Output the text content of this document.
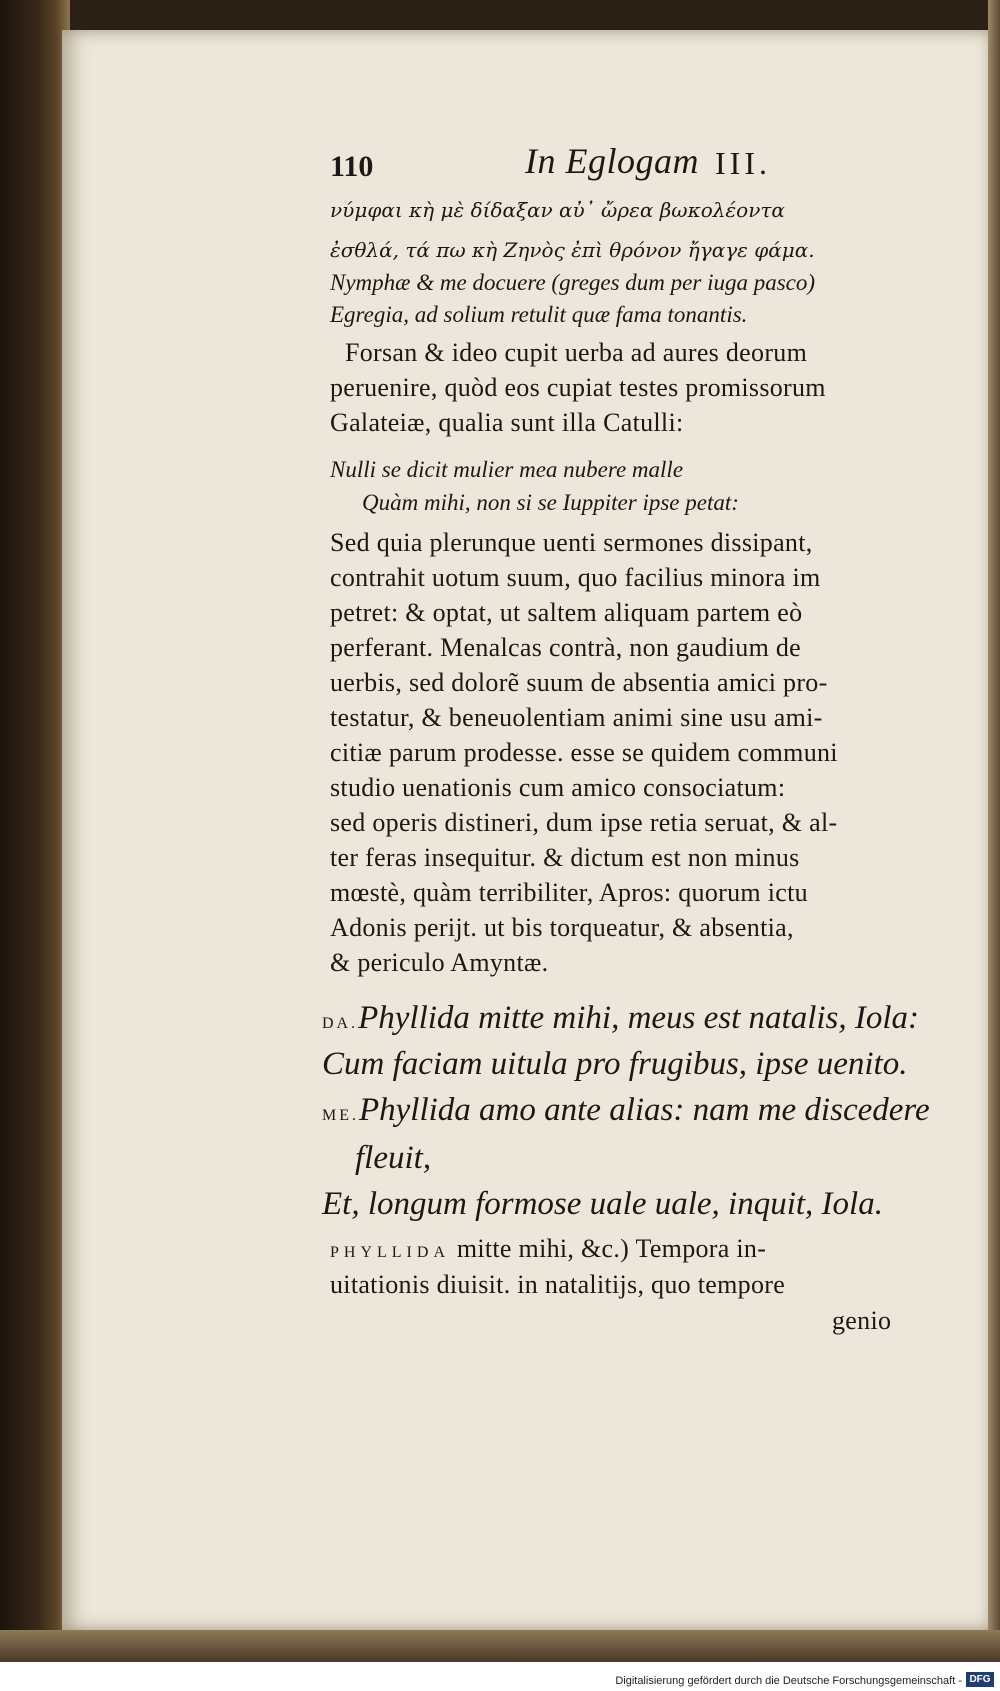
110	In Eglogam III.
νύμφαι κὴ μὲ δίδαξαν αὐ᾽ ὤρεα βωκολέοντα
ἐσθλά, τά πω κὴ Ζηνὸς ἐπὶ θρόνον ἤγαγε φάμα.
Nymphæ & me docuere (greges dum per iuga pasco)
Egregia, ad solium retulit quæ fama tonantis.
Forsan & ideo cupit uerba ad aures deorum
peruenire, quòd eos cupiat testes promissorum
Galateiæ, qualia sunt illa Catulli:
Nulli se dicit mulier mea nubere malle
Quàm mihi, non si se Iuppiter ipse petat:
Sed quia plerunque uenti sermones dissipant,
contrahit uotum suum, quo facilius minora im
petret: & optat, ut saltem aliquam partem eò
perferant. Menalcas contrà, non gaudium de
uerbis, sed dolorẽ suum de absentia amici pro-
testatur, & beneuolentiam animi sine usu ami-
citiæ parum prodesse. esse se quidem communi
studio uenationis cum amico consociatum:
sed operis distineri, dum ipse retia seruat, & al-
ter feras insequitur. & dictum est non minus
mœstè, quàm terribiliter, Apros: quorum ictu
Adonis perijt. ut bis torqueatur, & absentia,
& periculo Amyntæ.
DA.Phyllida mitte mihi, meus est natalis, Iola:
Cum faciam uitula pro frugibus, ipse uenito.
ME.Phyllida amo ante alias: nam me discedere
fleuit,
Et, longum formose uale uale, inquit, Iola.
PHYLLIDA mitte mihi, &c.) Tempora in-
uitationis diuisit. in natalitijs, quo tempore
genio
Digitalisierung gefördert durch die Deutsche Forschungsgemeinschaft - DFG
